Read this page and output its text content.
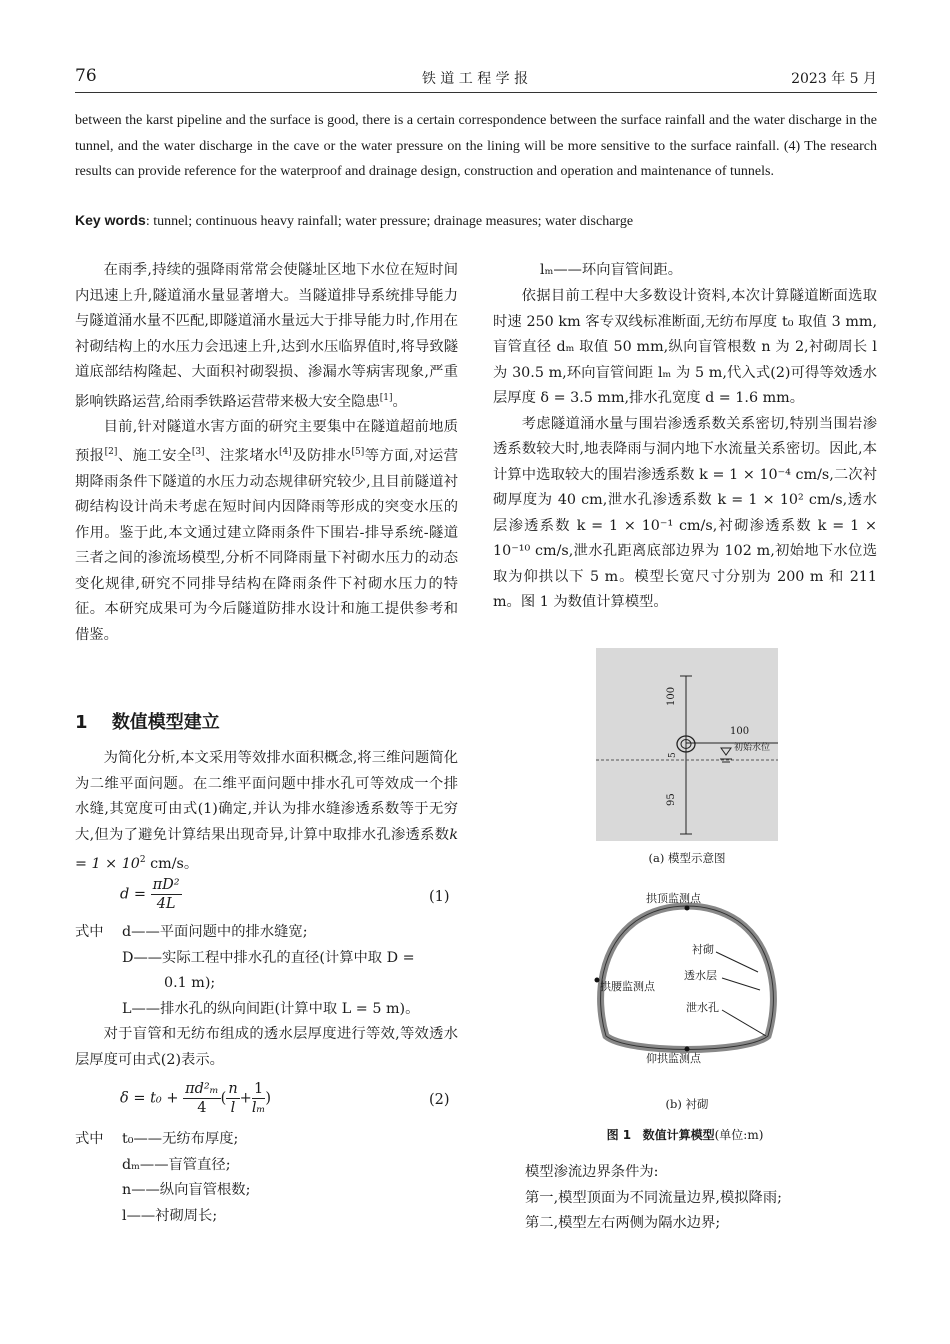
76	铁 道 工 程 学 报	2023 年 5 月
between the karst pipeline and the surface is good, there is a certain correspondence between the surface rainfall and the water discharge in the tunnel, and the water discharge in the cave or the water pressure on the lining will be more sensitive to the surface rainfall. (4) The research results can provide reference for the waterproof and drainage design, construction and operation and maintenance of tunnels.
Key words: tunnel; continuous heavy rainfall; water pressure; drainage measures; water discharge

在雨季,持续的强降雨常常会使隧址区地下水位在短时间内迅速上升,隧道涌水量显著增大。当隧道排导系统排导能力与隧道涌水量不匹配,即隧道涌水量远大于排导能力时,作用在衬砌结构上的水压力会迅速上升,达到水压临界值时,将导致隧道底部结构隆起、大面积衬砌裂损、渗漏水等病害现象,严重影响铁路运营,给雨季铁路运营带来极大安全隐患[1]。

目前,针对隧道水害方面的研究主要集中在隧道超前地质预报[2]、施工安全[3]、注浆堵水[4]及防排水[5]等方面,对运营期降雨条件下隧道的水压力动态规律研究较少,且目前隧道衬砌结构设计尚未考虑在短时间内因降雨等形成的突变水压的作用。鉴于此,本文通过建立降雨条件下围岩-排导系统-隧道三者之间的渗流场模型,分析不同降雨量下衬砌水压力的动态变化规律,研究不同排导结构在降雨条件下衬砌水压力的特征。本研究成果可为今后隧道防排水设计和施工提供参考和借鉴。

1 数值模型建立

为简化分析,本文采用等效排水面积概念,将三维问题简化为二维平面问题。在二维平面问题中排水孔可等效成一个排水缝,其宽度可由式(1)确定,并认为排水缝渗透系数等于无穷大,但为了避免计算结果出现奇异,计算中取排水孔渗透系数$k = 1 \times 10^2$ cm/s。

$d = \frac{\text{πD²}}{4L}$	(1)
式中 d——平面问题中的排水缝宽;
D——实际工程中排水孔的直径(计算中取 D =
0.1 m);
L——排水孔的纵向间距(计算中取 L = 5 m)。

对于盲管和无纺布组成的透水层厚度进行等效,等效透水层厚度可由式(2)表示。

$\delta = t_0 + \frac{\text{πd²ₘ}}{4}$ ( $\frac{n}{l} + \frac{1}{\text{lₘ}}$ )	(2)
式中 t₀——无纺布厚度;
dₘ——盲管直径;
n——纵向盲管根数;
l——衬砌周长;
lₘ——环向盲管间距。

依据目前工程中大多数设计资料,本次计算隧道断面选取时速 250 km 客专双线标准断面,无纺布厚度 t₀ 取值 3 mm,盲管直径 dₘ 取值 50 mm,纵向盲管根数 n 为 2,衬砌周长 l 为 30.5 m,环向盲管间距 lₘ 为 5 m,代入式(2)可得等效透水层厚度 δ = 3.5 mm,排水孔宽度 d = 1.6 mm。

考虑隧道涌水量与围岩渗透系数关系密切,特别当围岩渗透系数较大时,地表降雨与洞内地下水流量关系密切。因此,本计算中选取较大的围岩渗透系数 k = 1 × 10⁻⁴ cm/s,二次衬砌厚度为 40 cm,泄水孔渗透系数 k = 1 × 10² cm/s,透水层渗透系数 k = 1 × 10⁻¹ cm/s,衬砌渗透系数 k = 1 × 10⁻¹⁰ cm/s,泄水孔距离底部边界为 102 m,初始地下水位选取为仰拱以下 5 m。模型长宽尺寸分别为 200 m 和 211 m。图 1 为数值计算模型。

100
100
5
初始水位
95
(a) 模型示意图
拱顶监测点
衬砌
透水层
拱腰监测点
泄水孔
仰拱监测点
(b) 衬砌
图 1 数值计算模型(单位:m)
模型渗流边界条件为:
第一,模型顶面为不同流量边界,模拟降雨;
第二,模型左右两侧为隔水边界;
